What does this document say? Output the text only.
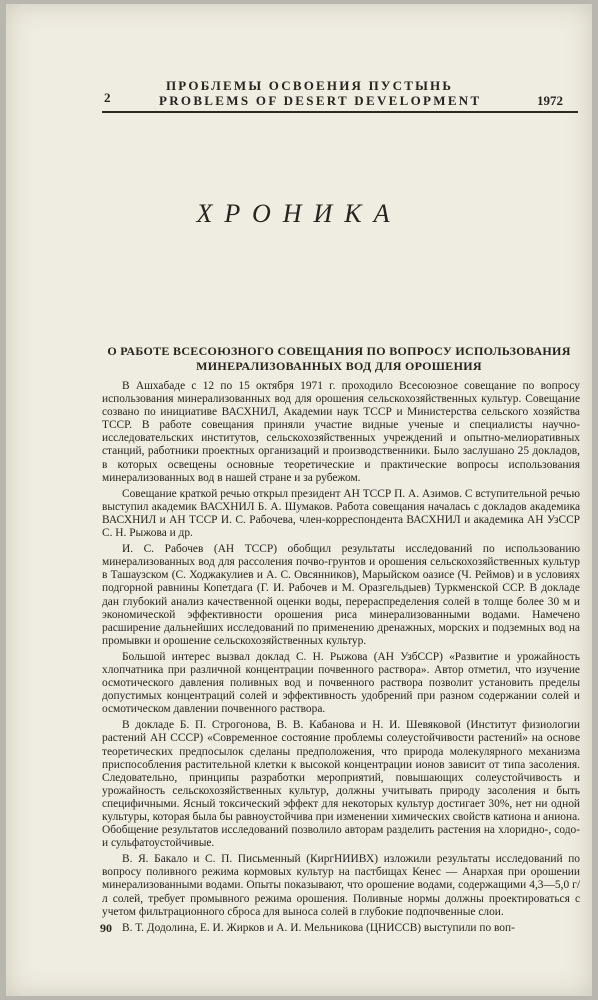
2
ПРОБЛЕМЫ ОСВОЕНИЯ ПУСТЫНЬ
PROBLEMS OF DESERT DEVELOPMENT	1972
ХРОНИКА
О РАБОТЕ ВСЕСОЮЗНОГО СОВЕЩАНИЯ ПО ВОПРОСУ ИСПОЛЬЗОВАНИЯ
МИНЕРАЛИЗОВАННЫХ ВОД ДЛЯ ОРОШЕНИЯ

В Ашхабаде с 12 по 15 октября 1971 г. проходило Всесоюзное совещание по вопросу использования минерализованных вод для орошения сельскохозяйственных культур. Совещание созвано по инициативе ВАСХНИЛ, Академии наук ТССР и Министерства сельского хозяйства ТССР. В работе совещания приняли участие видные ученые и специалисты научно-исследовательских институтов, сельскохозяйственных учреждений и опытно-мелиоративных станций, работники проектных организаций и производственники. Было заслушано 25 докладов, в которых освещены основные теоретические и практические вопросы использования минерализованных вод в нашей стране и за рубежом.

Совещание краткой речью открыл президент АН ТССР П. А. Азимов. С вступительной речью выступил академик ВАСХНИЛ Б. А. Шумаков. Работа совещания началась с докладов академика ВАСХНИЛ и АН ТССР И. С. Рабочева, член-корреспондента ВАСХНИЛ и академика АН УзССР С. Н. Рыжова и др.

И. С. Рабочев (АН ТССР) обобщил результаты исследований по использованию минерализованных вод для рассоления почво-грунтов и орошения сельскохозяйственных культур в Ташаузском (С. Ходжакулиев и А. С. Овсянников), Марыйском оазисе (Ч. Реймов) и в условиях подгорной равнины Копетдага (Г. И. Рабочев и М. Оразгельдыев) Туркменской ССР. В докладе дан глубокий анализ качественной оценки воды, перераспределения солей в толще более 30 м и экономической эффективности орошения риса минерализованными водами. Намечено расширение дальнейших исследований по применению дренажных, морских и подземных вод на промывки и орошение сельскохозяйственных культур.

Большой интерес вызвал доклад С. Н. Рыжова (АН УзбССР) «Развитие и урожайность хлопчатника при различной концентрации почвенного раствора». Автор отметил, что изучение осмотического давления поливных вод и почвенного раствора позволит установить пределы допустимых концентраций солей и эффективность удобрений при разном содержании солей и осмотическом давлении почвенного раствора.

В докладе Б. П. Строгонова, В. В. Кабанова и Н. И. Шевяковой (Институт физиологии растений АН СССР) «Современное состояние проблемы солеустойчивости растений» на основе теоретических предпосылок сделаны предположения, что природа молекулярного механизма приспособления растительной клетки к высокой концентрации ионов зависит от типа засоления. Следовательно, принципы разработки мероприятий, повышающих солеустойчивость и урожайность сельскохозяйственных культур, должны учитывать природу засоления и быть специфичными. Ясный токсический эффект для некоторых культур достигает 30%, нет ни одной культуры, которая была бы равноустойчива при изменении химических свойств катиона и аниона. Обобщение результатов исследований позволило авторам разделить растения на хлоридно-, содо- и сульфатоустойчивые.

В. Я. Бакало и С. П. Письменный (КиргНИИВХ) изложили результаты исследований по вопросу поливного режима кормовых культур на пастбищах Кенес — Анархая при орошении минерализованными водами. Опыты показывают, что орошение водами, содержащими 4,3—5,0 г/л солей, требует промывного режима орошения. Поливные нормы должны проектироваться с учетом фильтрационного сброса для выноса солей в глубокие подпочвенные слои.

В. Т. Додолина, Е. И. Жирков и А. И. Мельникова (ЦНИССВ) выступили по воп-

90
